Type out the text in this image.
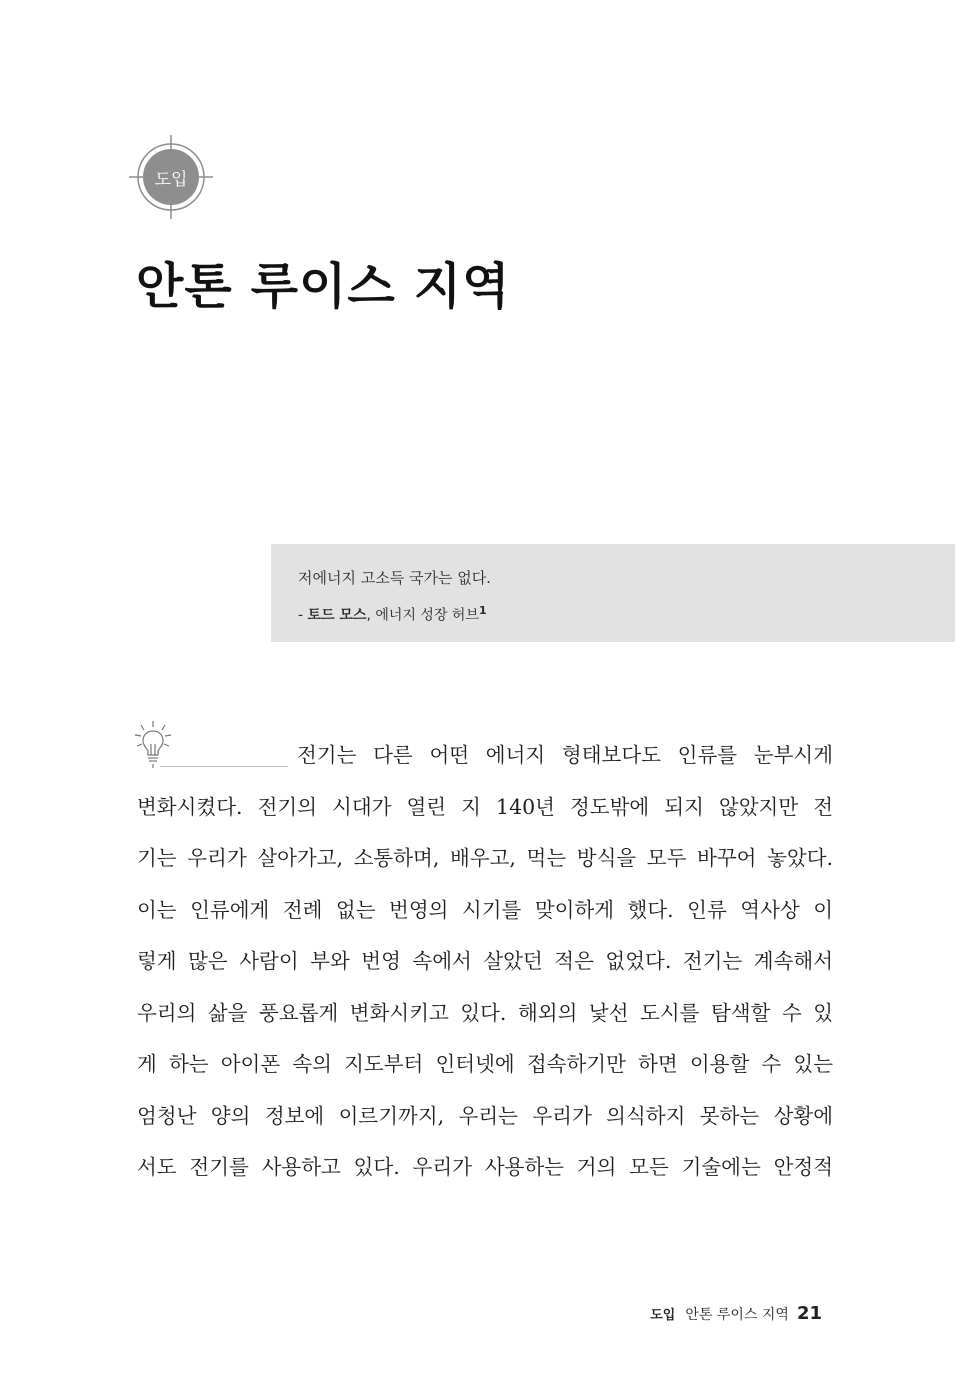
도입
안톤 루이스 지역
저에너지 고소득 국가는 없다.
- 토드 모스, 에너지 성장 허브$^1$
전기는 다른 어떤 에너지 형태보다도 인류를 눈부시게
변화시켰다. 전기의 시대가 열린 지 140년 정도밖에 되지 않았지만 전
기는 우리가 살아가고, 소통하며, 배우고, 먹는 방식을 모두 바꾸어 놓았다.
이는 인류에게 전례 없는 번영의 시기를 맞이하게 했다. 인류 역사상 이
렇게 많은 사람이 부와 번영 속에서 살았던 적은 없었다. 전기는 계속해서
우리의 삶을 풍요롭게 변화시키고 있다. 해외의 낯선 도시를 탐색할 수 있
게 하는 아이폰 속의 지도부터 인터넷에 접속하기만 하면 이용할 수 있는
엄청난 양의 정보에 이르기까지, 우리는 우리가 의식하지 못하는 상황에
서도 전기를 사용하고 있다. 우리가 사용하는 거의 모든 기술에는 안정적
도입 안톤 루이스 지역 21
